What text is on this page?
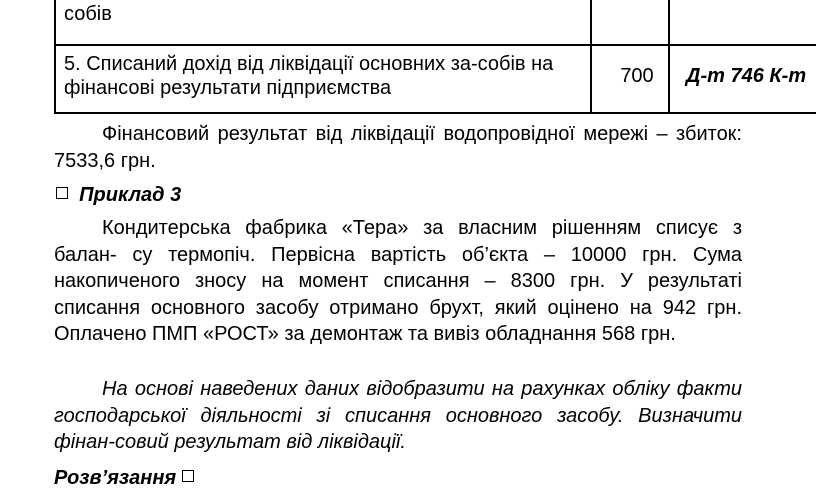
собів
5. Списаний дохід від ліквідації основних за-собів на фінансові результати підприємства
700	Д-т 746 К-т
Фінансовий результат від ліквідації водопровідної мережі – збиток: 7533,6 грн.
Приклад 3
Кондитерська фабрика «Тера» за власним рішенням списує з балан- су термопіч. Первісна вартість об’єкта – 10000 грн. Сума накопиченого зносу на момент списання – 8300 грн. У результаті списання основного засобу отримано брухт, який оцінено на 942 грн. Оплачено ПМП «РОСТ» за демонтаж та вивіз обладнання 568 грн.
На основі наведених даних відобразити на рахунках обліку факти господарської діяльності зі списання основного засобу. Визначити фінан-совий результат від ліквідації.
Розв’язання
